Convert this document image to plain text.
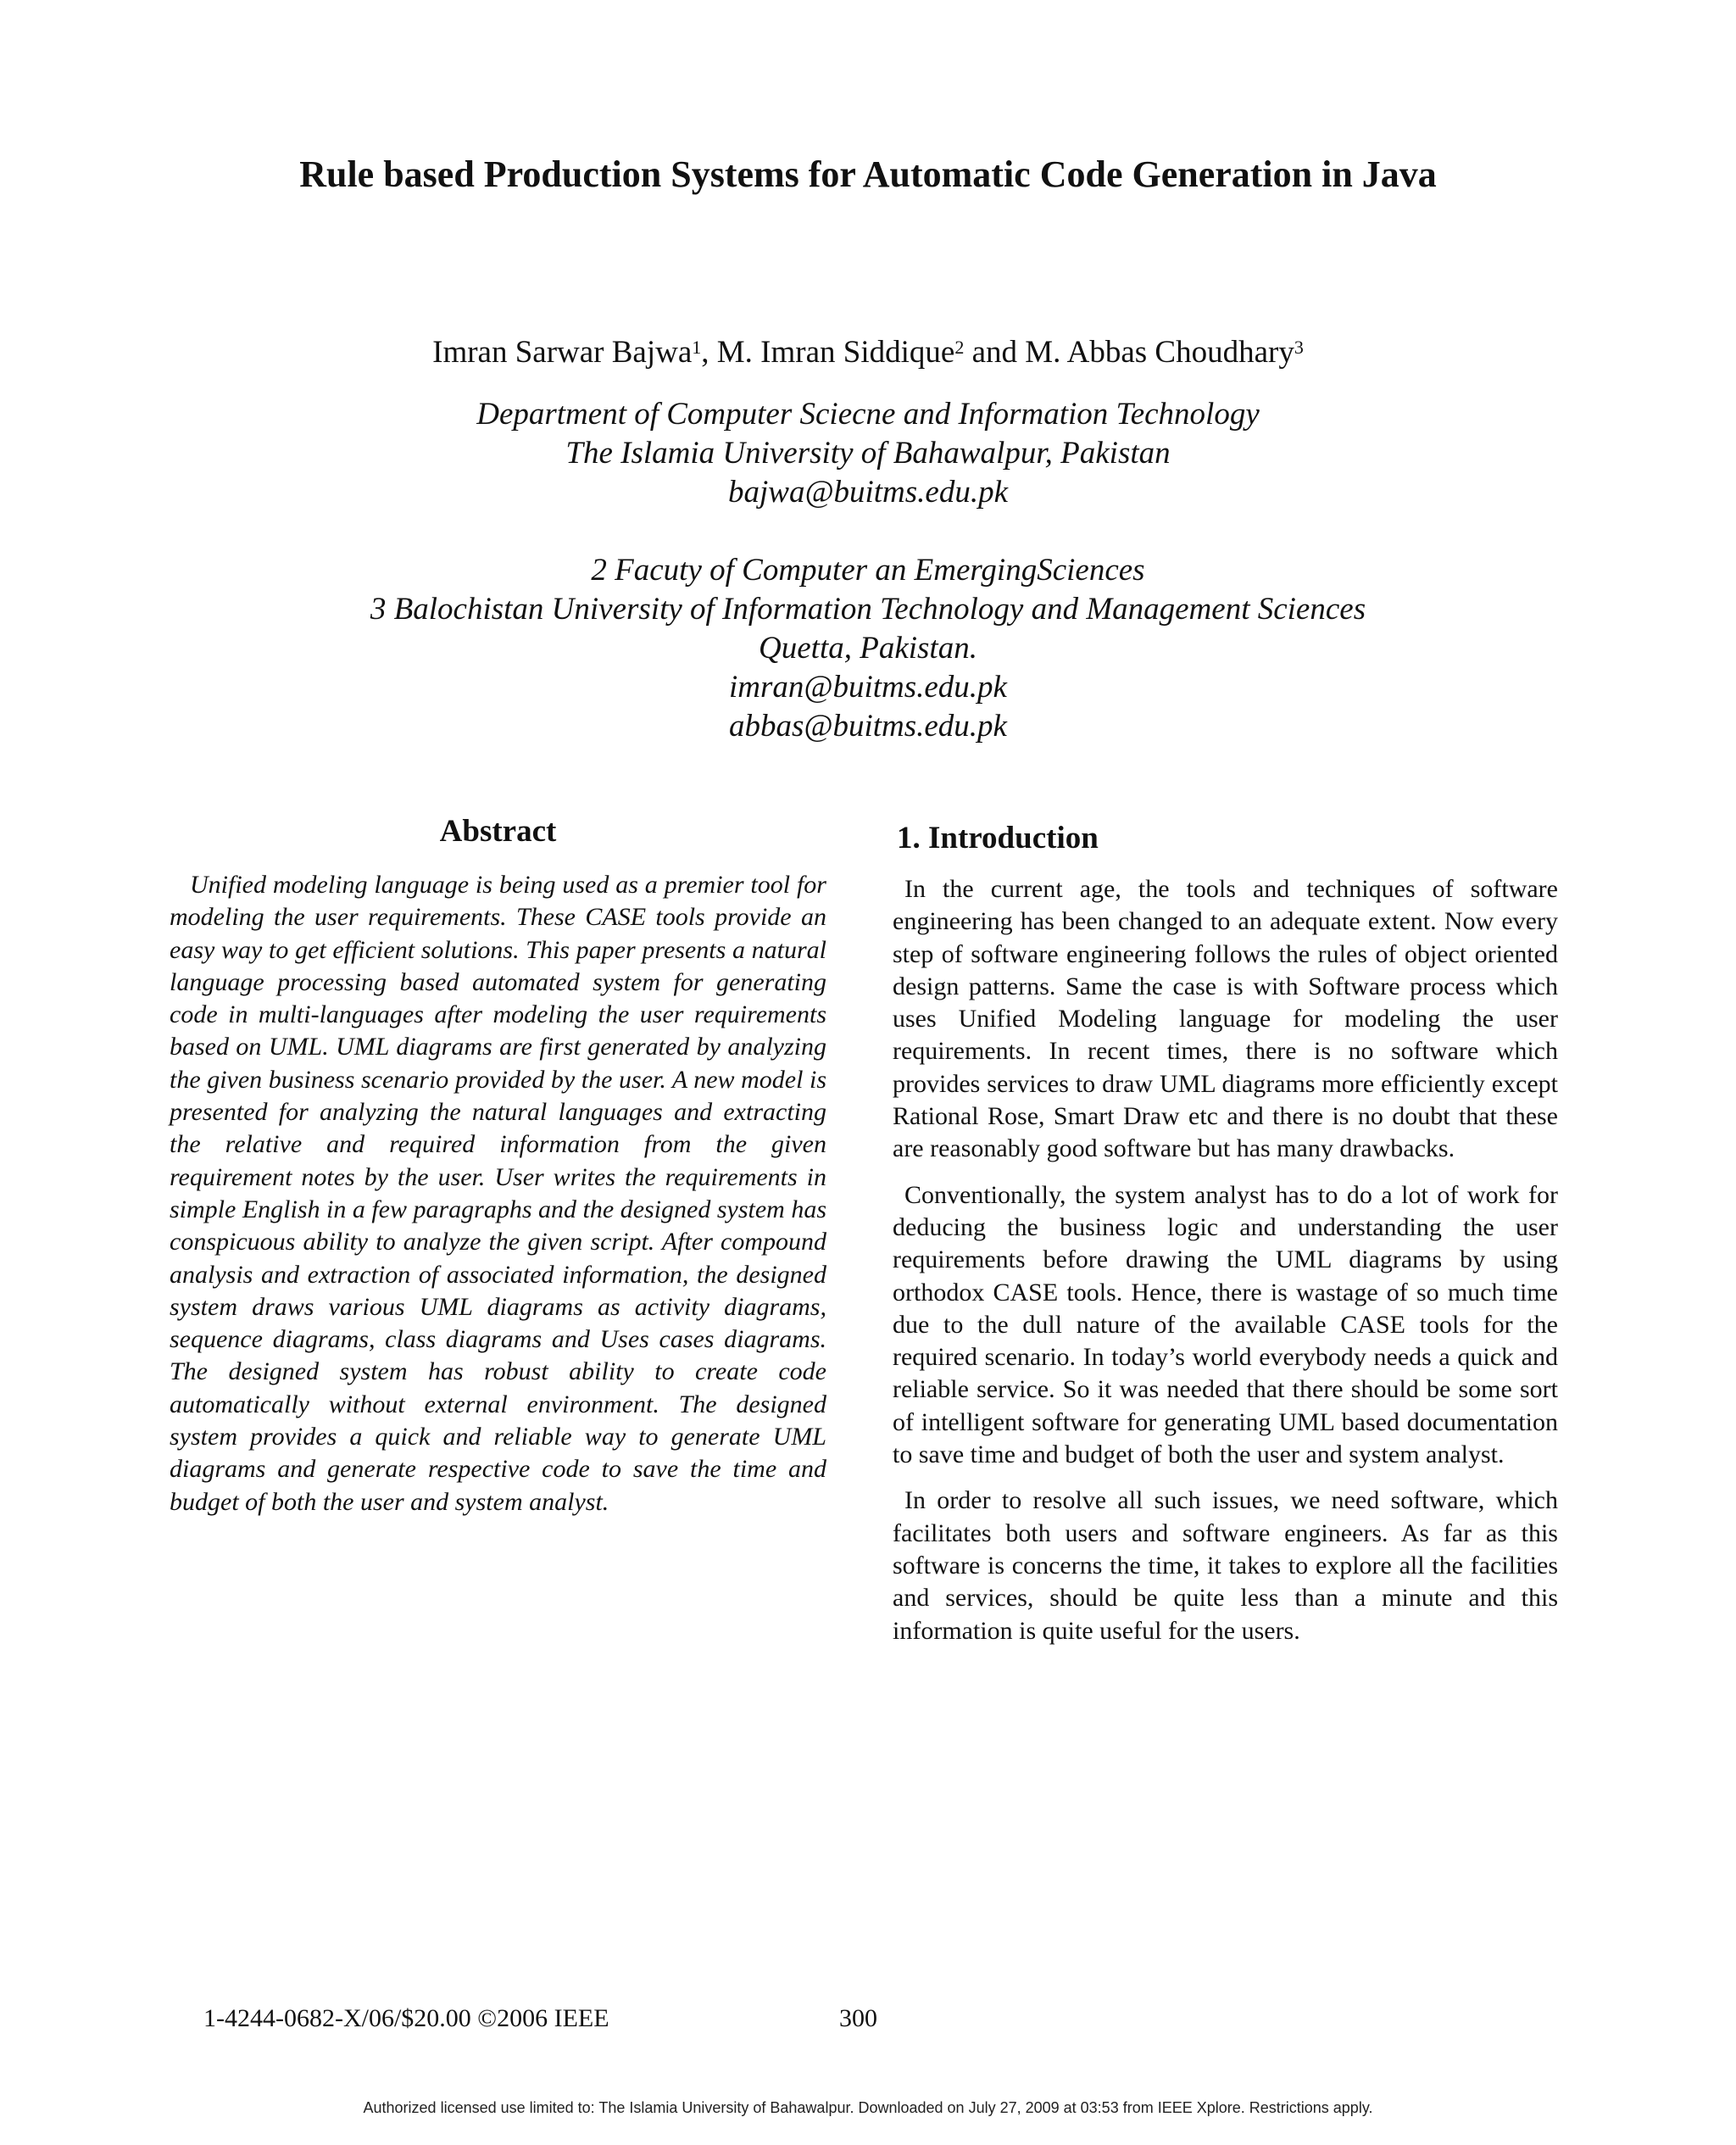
Rule based Production Systems for Automatic Code Generation in Java
Imran Sarwar Bajwa$^1$, M. Imran Siddique$^2$ and M. Abbas Choudhary$^3$
Department of Computer Sciecne and Information Technology
The Islamia University of Bahawalpur, Pakistan
bajwa@buitms.edu.pk
2 Facuty of Computer an EmergingSciences
3 Balochistan University of Information Technology and Management Sciences
Quetta, Pakistan.
imran@buitms.edu.pk
abbas@buitms.edu.pk
Abstract

Unified modeling language is being used as a premier tool for modeling the user requirements. These CASE tools provide an easy way to get efficient solutions. This paper presents a natural language processing based automated system for generating code in multi-languages after modeling the user requirements based on UML. UML diagrams are first generated by analyzing the given business scenario provided by the user. A new model is presented for analyzing the natural languages and extracting the relative and required information from the given requirement notes by the user. User writes the requirements in simple English in a few paragraphs and the designed system has conspicuous ability to analyze the given script. After compound analysis and extraction of associated information, the designed system draws various UML diagrams as activity diagrams, sequence diagrams, class diagrams and Uses cases diagrams. The designed system has robust ability to create code automatically without external environment. The designed system provides a quick and reliable way to generate UML diagrams and generate respective code to save the time and budget of both the user and system analyst.

1. Introduction

In the current age, the tools and techniques of software engineering has been changed to an adequate extent. Now every step of software engineering follows the rules of object oriented design patterns. Same the case is with Software process which uses Unified Modeling language for modeling the user requirements. In recent times, there is no software which provides services to draw UML diagrams more efficiently except Rational Rose, Smart Draw etc and there is no doubt that these are reasonably good software but has many drawbacks.

Conventionally, the system analyst has to do a lot of work for deducing the business logic and understanding the user requirements before drawing the UML diagrams by using orthodox CASE tools. Hence, there is wastage of so much time due to the dull nature of the available CASE tools for the required scenario. In today’s world everybody needs a quick and reliable service. So it was needed that there should be some sort of intelligent software for generating UML based documentation to save time and budget of both the user and system analyst.

In order to resolve all such issues, we need software, which facilitates both users and software engineers. As far as this software is concerns the time, it takes to explore all the facilities and services, should be quite less than a minute and this information is quite useful for the users.

1-4244-0682-X/06/$20.00 ©2006 IEEE	300
Authorized licensed use limited to: The Islamia University of Bahawalpur. Downloaded on July 27, 2009 at 03:53 from IEEE Xplore. Restrictions apply.
